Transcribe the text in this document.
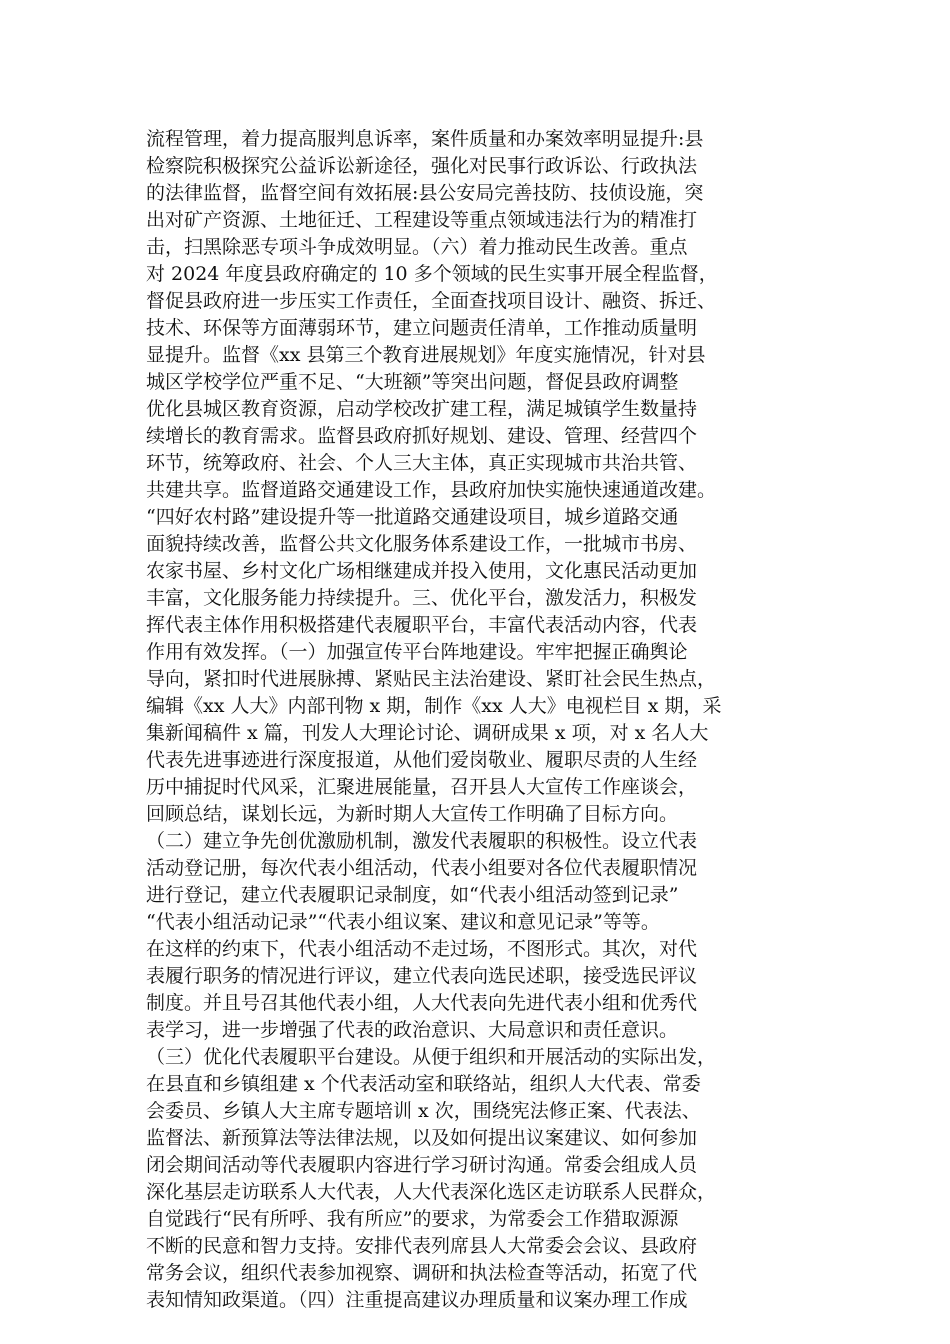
流程管理，着力提高服判息诉率，案件质量和办案效率明显提升:县
检察院积极探究公益诉讼新途径，强化对民事行政诉讼、行政执法
的法律监督，监督空间有效拓展:县公安局完善技防、技侦设施，突
出对矿产资源、土地征迁、工程建设等重点领域违法行为的精准打
击，扫黑除恶专项斗争成效明显。（六）着力推动民生改善。重点
对 2024 年度县政府确定的 10 多个领域的民生实事开展全程监督，
督促县政府进一步压实工作责任，全面查找项目设计、融资、拆迁、
技术、环保等方面薄弱环节，建立问题责任清单，工作推动质量明
显提升。监督《xx 县第三个教育进展规划》年度实施情况，针对县
城区学校学位严重不足、“大班额”等突出问题，督促县政府调整
优化县城区教育资源，启动学校改扩建工程，满足城镇学生数量持
续增长的教育需求。监督县政府抓好规划、建设、管理、经营四个
环节，统筹政府、社会、个人三大主体，真正实现城市共治共管、
共建共享。监督道路交通建设工作，县政府加快实施快速通道改建。
“四好农村路”建设提升等一批道路交通建设项目，城乡道路交通
面貌持续改善，监督公共文化服务体系建设工作，一批城市书房、
农家书屋、乡村文化广场相继建成并投入使用，文化惠民活动更加
丰富，文化服务能力持续提升。三、优化平台，激发活力，积极发
挥代表主体作用积极搭建代表履职平台，丰富代表活动内容，代表
作用有效发挥。（一）加强宣传平台阵地建设。牢牢把握正确舆论
导向，紧扣时代进展脉搏、紧贴民主法治建设、紧盯社会民生热点，
编辑《xx 人大》内部刊物 x 期，制作《xx 人大》电视栏目 x 期，采
集新闻稿件 x 篇，刊发人大理论讨论、调研成果 x 项，对 x 名人大
代表先进事迹进行深度报道，从他们爱岗敬业、履职尽责的人生经
历中捕捉时代风采，汇聚进展能量，召开县人大宣传工作座谈会，
回顾总结，谋划长远，为新时期人大宣传工作明确了目标方向。
（二）建立争先创优激励机制，激发代表履职的积极性。设立代表
活动登记册，每次代表小组活动，代表小组要对各位代表履职情况
进行登记，建立代表履职记录制度，如“代表小组活动签到记录”
“代表小组活动记录”“代表小组议案、建议和意见记录”等等。
在这样的约束下，代表小组活动不走过场，不图形式。其次，对代
表履行职务的情况进行评议，建立代表向选民述职，接受选民评议
制度。并且号召其他代表小组，人大代表向先进代表小组和优秀代
表学习，进一步增强了代表的政治意识、大局意识和责任意识。
（三）优化代表履职平台建设。从便于组织和开展活动的实际出发，
在县直和乡镇组建 x 个代表活动室和联络站，组织人大代表、常委
会委员、乡镇人大主席专题培训 x 次，围绕宪法修正案、代表法、
监督法、新预算法等法律法规，以及如何提出议案建议、如何参加
闭会期间活动等代表履职内容进行学习研讨沟通。常委会组成人员
深化基层走访联系人大代表，人大代表深化选区走访联系人民群众，
自觉践行“民有所呼、我有所应”的要求，为常委会工作猎取源源
不断的民意和智力支持。安排代表列席县人大常委会会议、县政府
常务会议，组织代表参加视察、调研和执法检查等活动，拓宽了代
表知情知政渠道。（四）注重提高建议办理质量和议案办理工作成
